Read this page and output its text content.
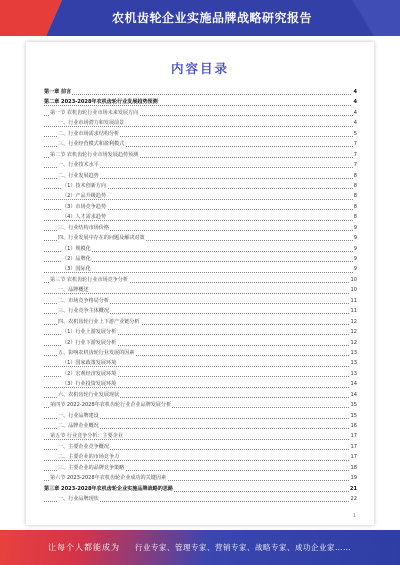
农机齿轮企业实施品牌战略研究报告
内容目录
第一章 前言	4
第二章 2023-2028年农机齿轮行业发展趋势预测	4
第一节 农机齿轮行业市场未来发展方向	4
一、行业市场潜力和发展前景	4
二、行业市场需求结构分析	5
三、行业经营模式和盈利模式	7
第二节 农机齿轮行业市场发展趋势预测	7
一、行业技术水平	7
二、行业发展趋势	8
（1）技术创新方向	8
（2）产品升级趋势	8
（3）市场竞争趋势	8
（4）人才需求趋势	8
三、行业结构市场价格	9
四、行业发展中存在的问题及解决对策	9
（1）规模化	9
（2）品牌化	9
（3）国际化	9
第三节 农机齿轮行业市场竞争分析	10
一、品牌概述	10
二、市场竞争格局分析	11
三、行业竞争主体概况	11
四、农机齿轮行业上下游产业链分析	12
（1）行业上游发展分析	12
（2）行业下游发展分析	12
五、影响农机齿轮行业发展的因素	13
（1）国家政策发展环境	13
（2）宏观经济发展环境	13
（3）行业投资发展环境	14
六、农机齿轮行业发展现状	14
第四节 2022-2028年农机齿轮行业企业品牌发展分析	15
一、行业品牌建设	15
二、品牌企业概况	16
第五节 行业竞争分析：主要企业	17
一、主要企业竞争概况	17
二、主要企业的市场竞争力	17
三、主要企业的品牌竞争策略	18
第六节 2023-2028年农机齿轮企业成功的关键因素	19
第三章 2023-2028年农机齿轮企业实施品牌战略的思路	21
一、行业品牌现状	22
1
让每个人都能成为 行业专家、管理专家、营销专家、战略专家、成功企业家……
